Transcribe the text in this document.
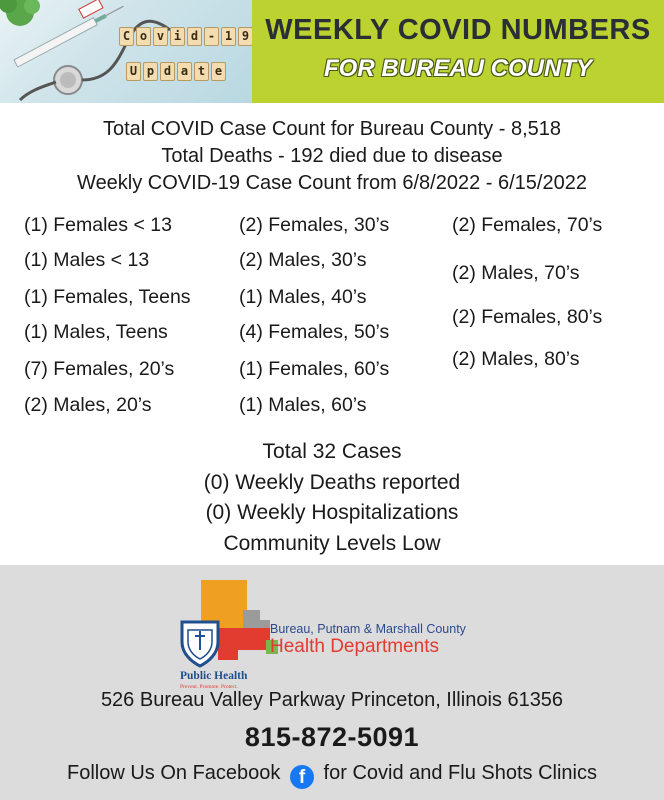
C o v i d - 1 9
U p d a t e
WEEKLY COVID NUMBERS
FOR BUREAU COUNTY
Total COVID Case Count for Bureau County - 8,518
Total Deaths - 192 died due to disease
Weekly COVID-19 Case Count from 6/8/2022 - 6/15/2022
(1) Females < 13
(1) Males < 13
(1) Females, Teens
(1) Males, Teens
(7) Females, 20’s
(2) Males, 20’s
(2) Females, 30’s
(2) Males, 30’s
(1) Males, 40’s
(4) Females, 50’s
(1) Females, 60’s
(1) Males, 60’s
(2) Females, 70’s
(2) Males, 70’s
(2) Females, 80’s
(2) Males, 80’s
Total 32 Cases
(0) Weekly Deaths reported
(0) Weekly Hospitalizations
Community Levels Low
Bureau, Putnam & Marshall County
Health Departments
Public Health
Prevent. Promote. Protect.
526 Bureau Valley Parkway Princeton, Illinois 61356
815-872-5091
Follow Us On Facebook f for Covid and Flu Shots Clinics
